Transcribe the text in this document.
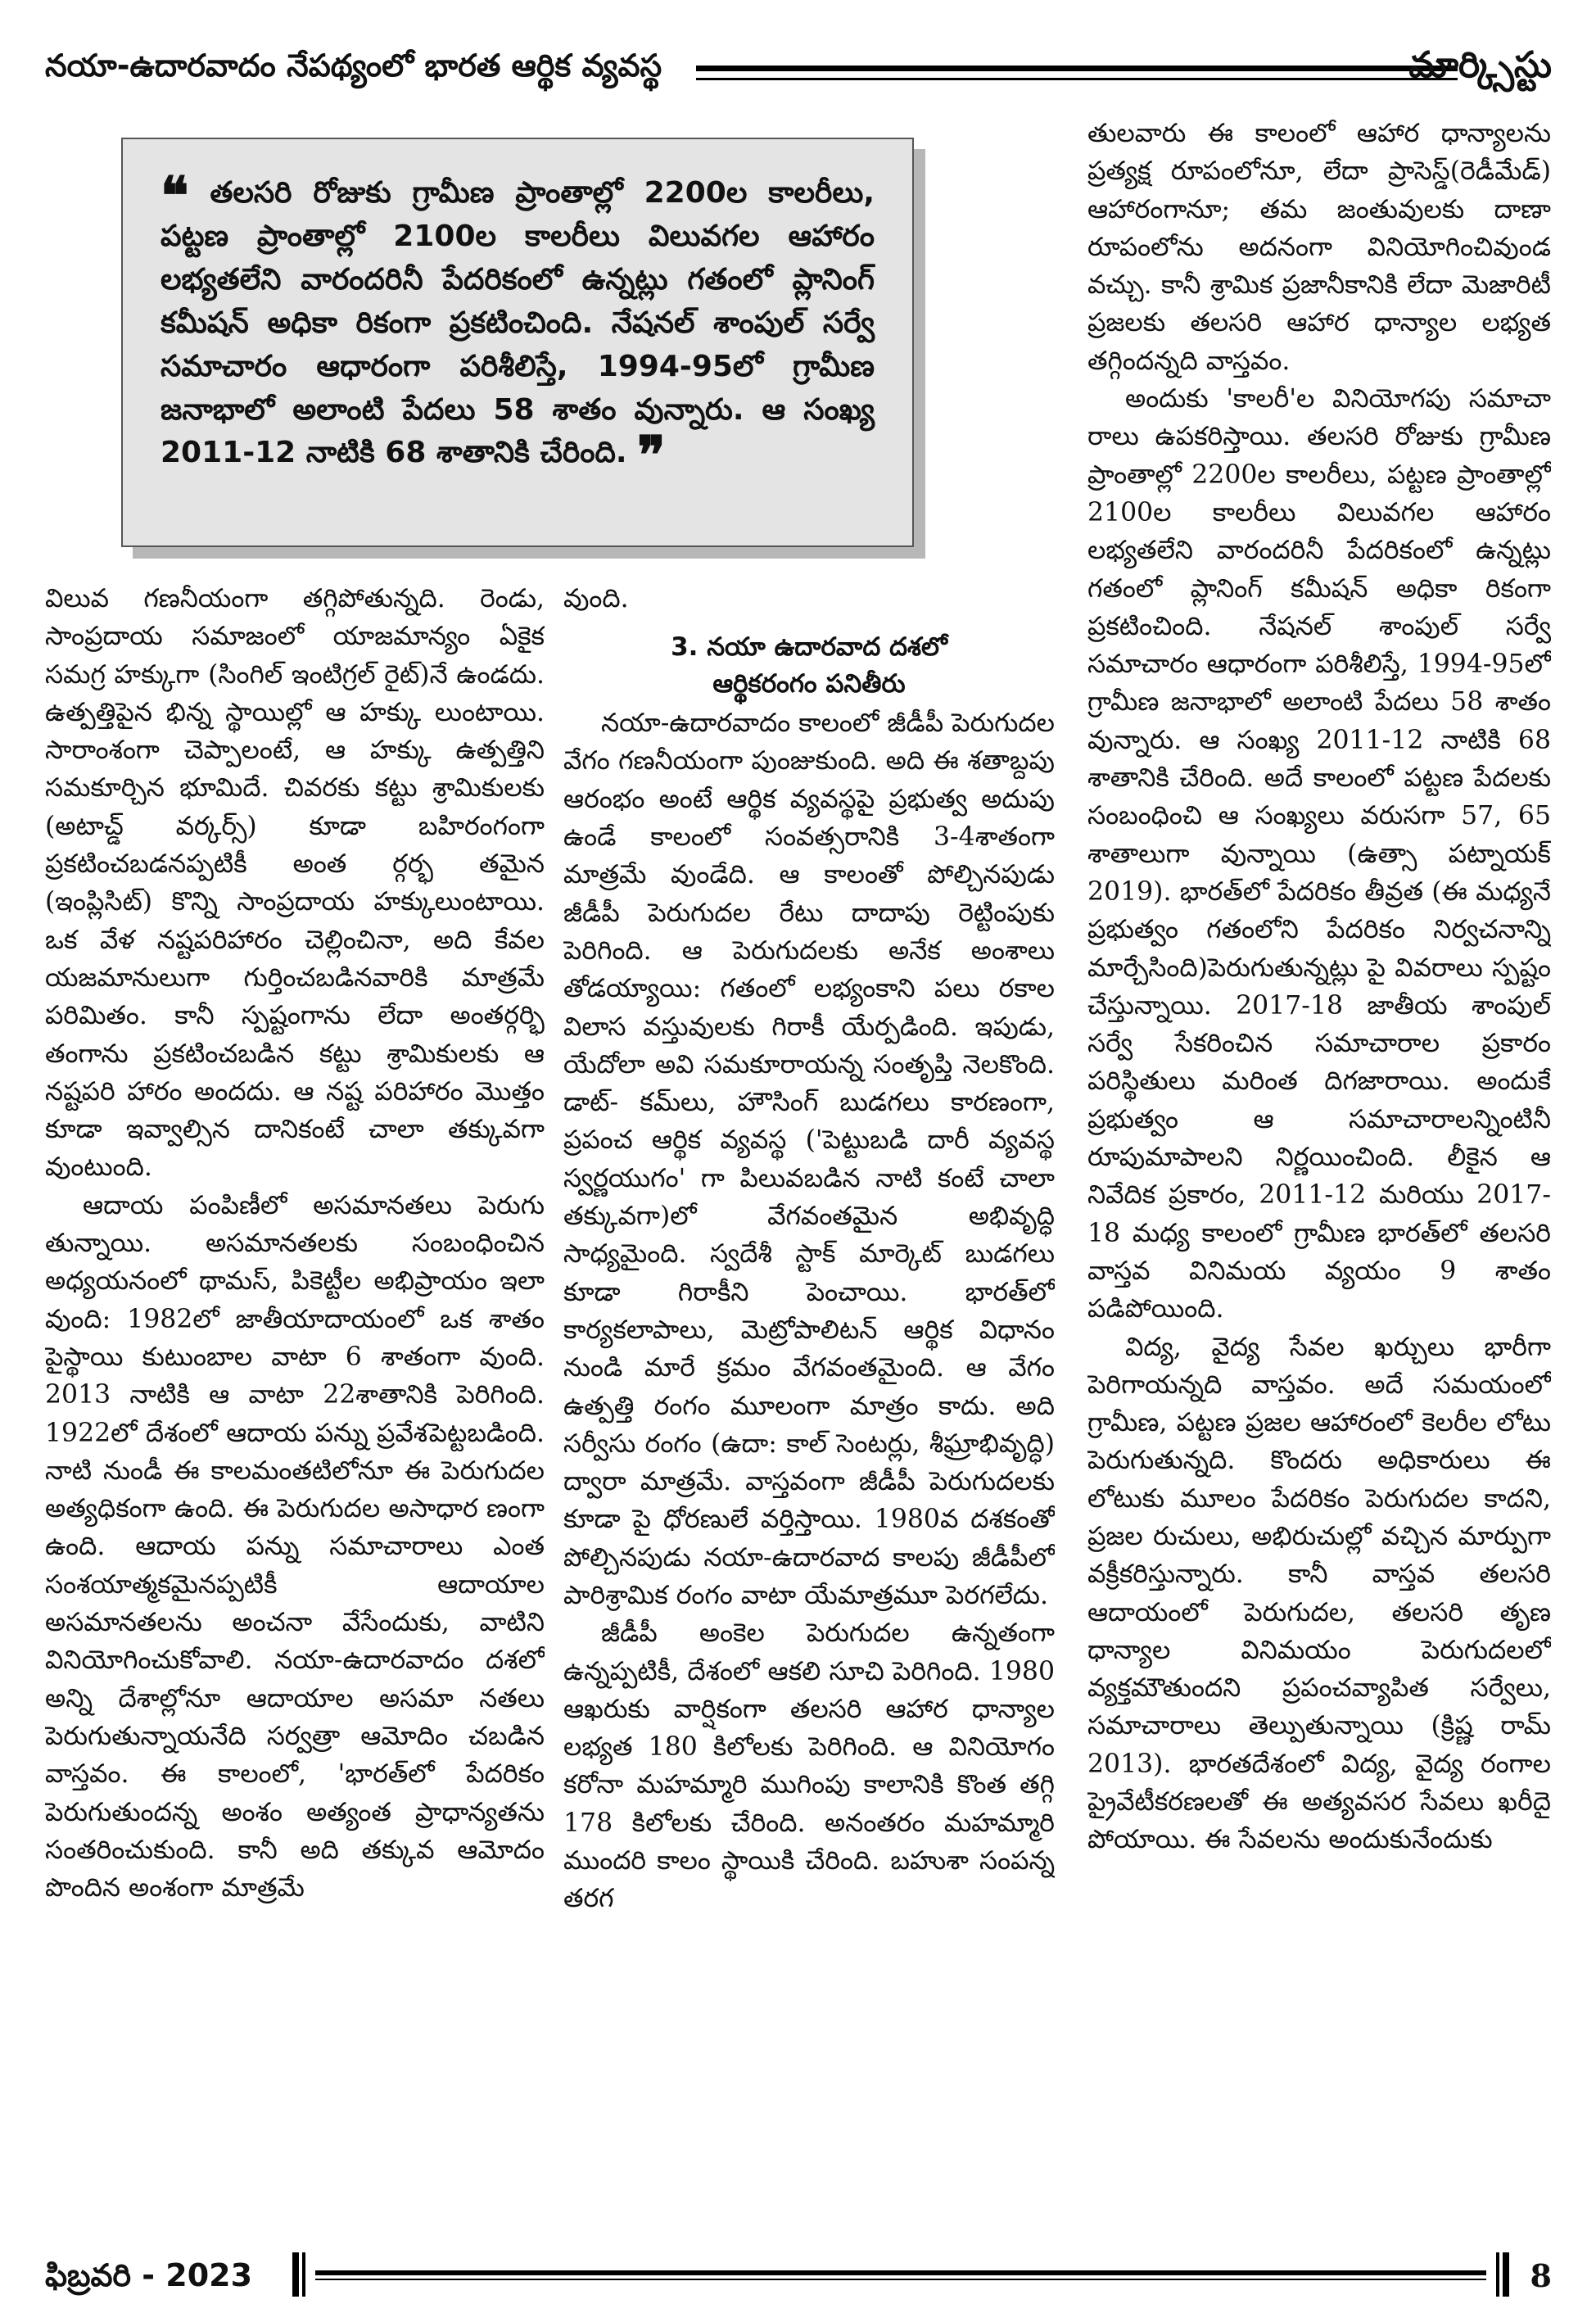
నయా-ఉదారవాదం నేపథ్యంలో భారత ఆర్థిక వ్యవస్థ	మార్క్సిస్టు

❝ తలసరి రోజుకు గ్రామీణ ప్రాంతాల్లో 2200ల కాలరీలు, పట్టణ ప్రాంతాల్లో 2100ల కాలరీలు విలువగల ఆహారం లభ్యతలేని వారందరినీ పేదరికంలో ఉన్నట్లు గతంలో ప్లానింగ్ కమీషన్ అధికా రికంగా ప్రకటించింది. నేషనల్ శాంపుల్ సర్వే సమాచారం ఆధారంగా పరిశీలిస్తే, 1994-95లో గ్రామీణ జనాభాలో అలాంటి పేదలు 58 శాతం వున్నారు. ఆ సంఖ్య 2011-12 నాటికి 68 శాతానికి చేరింది. ❞

విలువ గణనీయంగా తగ్గిపోతున్నది. రెండు, సాంప్రదాయ సమాజంలో యాజమాన్యం ఏకైక సమగ్ర హక్కుగా (సింగిల్ ఇంటిగ్రల్ రైట్)నే ఉండదు. ఉత్పత్తిపైన భిన్న స్థాయిల్లో ఆ హక్కు లుంటాయి. సారాంశంగా చెప్పాలంటే, ఆ హక్కు ఉత్పత్తిని సమకూర్చిన భూమిదే. చివరకు కట్టు శ్రామికులకు (అటాచ్డ్ వర్కర్స్) కూడా బహిరంగంగా ప్రకటించబడనప్పటికీ అంత ర్గర్భ తమైన (ఇంప్లిసిట్) కొన్ని సాంప్రదాయ హక్కులుంటాయి. ఒక వేళ నష్టపరిహారం చెల్లించినా, అది కేవల యజమానులుగా గుర్తించబడినవారికి మాత్రమే పరిమితం. కానీ స్పష్టంగాను లేదా అంతర్గర్భి తంగాను ప్రకటించబడిన కట్టు శ్రామికులకు ఆ నష్టపరి హారం అందదు. ఆ నష్ట పరిహారం మొత్తం కూడా ఇవ్వాల్సిన దానికంటే చాలా తక్కువగా వుంటుంది.

ఆదాయ పంపిణీలో అసమానతలు పెరుగు తున్నాయి. అసమానతలకు సంబంధించిన అధ్యయనంలో థామస్, పికెట్టీల అభిప్రాయం ఇలా వుంది: 1982లో జాతీయాదాయంలో ఒక శాతం పైస్థాయి కుటుంబాల వాటా 6 శాతంగా వుంది. 2013 నాటికి ఆ వాటా 22శాతానికి పెరిగింది. 1922లో దేశంలో ఆదాయ పన్ను ప్రవేశపెట్టబడింది. నాటి నుండీ ఈ కాలమంతటిలోనూ ఈ పెరుగుదల అత్యధికంగా ఉంది. ఈ పెరుగుదల అసాధార ణంగా ఉంది. ఆదాయ పన్ను సమాచారాలు ఎంత సంశయాత్మకమైనప్పటికీ ఆదాయాల అసమానతలను అంచనా వేసేందుకు, వాటిని వినియోగించుకోవాలి. నయా-ఉదారవాదం దశలో అన్ని దేశాల్లోనూ ఆదాయాల అసమా నతలు పెరుగుతున్నాయనేది సర్వత్రా ఆమోదిం చబడిన వాస్తవం. ఈ కాలంలో, 'భారత్‌లో పేదరికం పెరుగుతుందన్న అంశం అత్యంత ప్రాధాన్యతను సంతరించుకుంది. కానీ అది తక్కువ ఆమోదం పొందిన అంశంగా మాత్రమే

వుంది.

3. నయా ఉదారవాద దశలో
ఆర్థికరంగం పనితీరు

నయా-ఉదారవాదం కాలంలో జీడీపీ పెరుగుదల వేగం గణనీయంగా పుంజుకుంది. అది ఈ శతాబ్దపు ఆరంభం అంటే ఆర్థిక వ్యవస్థపై ప్రభుత్వ అదుపు ఉండే కాలంలో సంవత్సరానికి 3-4శాతంగా మాత్రమే వుండేది. ఆ కాలంతో పోల్చినపుడు జీడీపీ పెరుగుదల రేటు దాదాపు రెట్టింపుకు పెరిగింది. ఆ పెరుగుదలకు అనేక అంశాలు తోడయ్యాయి: గతంలో లభ్యంకాని పలు రకాల విలాస వస్తువులకు గిరాకీ యేర్పడింది. ఇపుడు, యేదోలా అవి సమకూరాయన్న సంతృప్తి నెలకొంది. డాట్- కమ్‌లు, హౌసింగ్ బుడగలు కారణంగా, ప్రపంచ ఆర్థిక వ్యవస్థ ('పెట్టుబడి దారీ వ్యవస్థ స్వర్ణయుగం' గా పిలువబడిన నాటి కంటే చాలా తక్కువగా)లో వేగవంతమైన అభివృద్ధి సాధ్యమైంది. స్వదేశీ స్టాక్ మార్కెట్ బుడగలు కూడా గిరాకీని పెంచాయి. భారత్‌లో కార్యకలాపాలు, మెట్రోపాలిటన్ ఆర్థిక విధానం నుండి మారే క్రమం వేగవంతమైంది. ఆ వేగం ఉత్పత్తి రంగం మూలంగా మాత్రం కాదు. అది సర్వీసు రంగం (ఉదా: కాల్ సెంటర్లు, శీఘ్రాభివృద్ధి) ద్వారా మాత్రమే. వాస్తవంగా జీడీపీ పెరుగుదలకు కూడా పై ధోరణులే వర్తిస్తాయి. 1980వ దశకంతో పోల్చినపుడు నయా-ఉదారవాద కాలపు జీడీపీలో పారిశ్రామిక రంగం వాటా యేమాత్రమూ పెరగలేదు.

జీడీపీ అంకెల పెరుగుదల ఉన్నతంగా ఉన్నప్పటికీ, దేశంలో ఆకలి సూచి పెరిగింది. 1980 ఆఖరుకు వార్షికంగా తలసరి ఆహార ధాన్యాల లభ్యత 180 కిలోలకు పెరిగింది. ఆ వినియోగం కరోనా మహమ్మారి ముగింపు కాలానికి కొంత తగ్గి 178 కిలోలకు చేరింది. అనంతరం మహమ్మారి ముందరి కాలం స్థాయికి చేరింది. బహుశా సంపన్న తరగ

తులవారు ఈ కాలంలో ఆహార ధాన్యాలను ప్రత్యక్ష రూపంలోనూ, లేదా ప్రాసెస్డ్(రెడీమేడ్) ఆహారంగానూ; తమ జంతువులకు దాణా రూపంలోను అదనంగా వినియోగించివుండ వచ్చు. కానీ శ్రామిక ప్రజానీకానికి లేదా మెజారిటీ ప్రజలకు తలసరి ఆహార ధాన్యాల లభ్యత తగ్గిందన్నది వాస్తవం.

అందుకు 'కాలరీ'ల వినియోగపు సమాచా రాలు ఉపకరిస్తాయి. తలసరి రోజుకు గ్రామీణ ప్రాంతాల్లో 2200ల కాలరీలు, పట్టణ ప్రాంతాల్లో 2100ల కాలరీలు విలువగల ఆహారం లభ్యతలేని వారందరినీ పేదరికంలో ఉన్నట్లు గతంలో ప్లానింగ్ కమీషన్ అధికా రికంగా ప్రకటించింది. నేషనల్ శాంపుల్ సర్వే సమాచారం ఆధారంగా పరిశీలిస్తే, 1994-95లో గ్రామీణ జనాభాలో అలాంటి పేదలు 58 శాతం వున్నారు. ఆ సంఖ్య 2011-12 నాటికి 68 శాతానికి చేరింది. అదే కాలంలో పట్టణ పేదలకు సంబంధించి ఆ సంఖ్యలు వరుసగా 57, 65 శాతాలుగా వున్నాయి (ఉత్సా పట్నాయక్ 2019). భారత్‌లో పేదరికం తీవ్రత (ఈ మధ్యనే ప్రభుత్వం గతంలోని పేదరికం నిర్వచనాన్ని మార్చేసింది)పెరుగుతున్నట్లు పై వివరాలు స్పష్టం చేస్తున్నాయి. 2017-18 జాతీయ శాంపుల్ సర్వే సేకరించిన సమాచారాల ప్రకారం పరిస్థితులు మరింత దిగజారాయి. అందుకే ప్రభుత్వం ఆ సమాచారాలన్నింటినీ రూపుమాపాలని నిర్ణయించింది. లీకైన ఆ నివేదిక ప్రకారం, 2011-12 మరియు 2017-18 మధ్య కాలంలో గ్రామీణ భారత్‌లో తలసరి వాస్తవ వినిమయ వ్యయం 9 శాతం పడిపోయింది.

విద్య, వైద్య సేవల ఖర్చులు భారీగా పెరిగాయన్నది వాస్తవం. అదే సమయంలో గ్రామీణ, పట్టణ ప్రజల ఆహారంలో కెలరీల లోటు పెరుగుతున్నది. కొందరు అధికారులు ఈ లోటుకు మూలం పేదరికం పెరుగుదల కాదని, ప్రజల రుచులు, అభిరుచుల్లో వచ్చిన మార్పుగా వక్రీకరిస్తున్నారు. కానీ వాస్తవ తలసరి ఆదాయంలో పెరుగుదల, తలసరి తృణ ధాన్యాల వినిమయం పెరుగుదలలో వ్యక్తమౌతుందని ప్రపంచవ్యాపిత సర్వేలు, సమాచారాలు తెల్పుతున్నాయి (క్రిష్ణ రామ్ 2013). భారతదేశంలో విద్య, వైద్య రంగాల ప్రైవేటీకరణలతో ఈ అత్యవసర సేవలు ఖరీదై పోయాయి. ఈ సేవలను అందుకునేందుకు

ఫిబ్రవరి - 2023	8
